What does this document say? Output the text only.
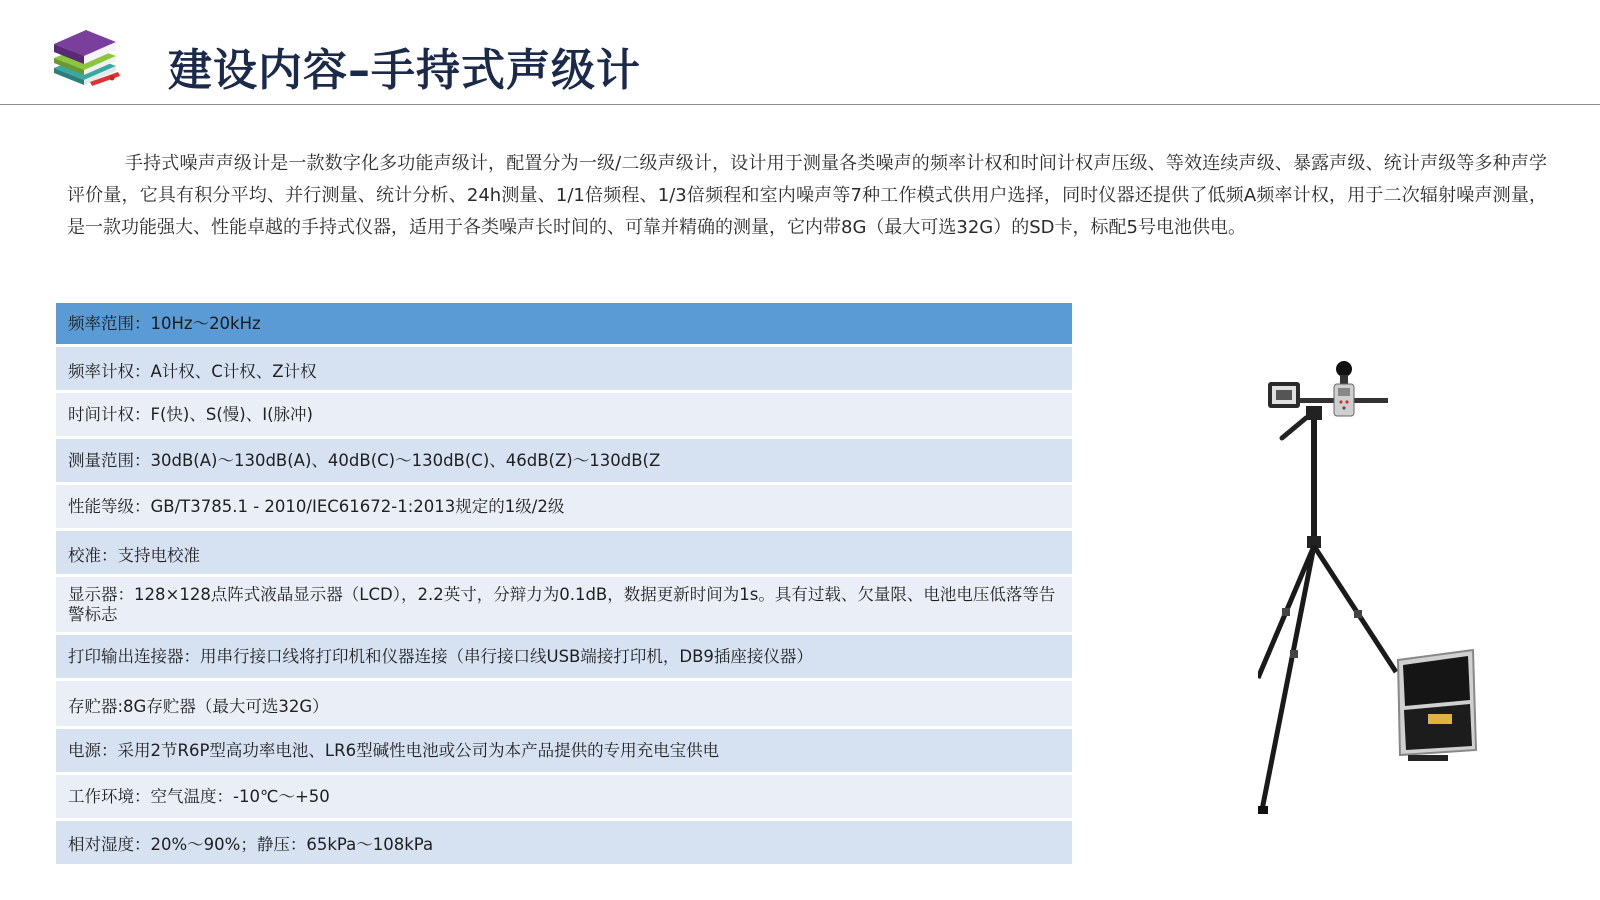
建设内容–手持式声级计

手持式噪声声级计是一款数字化多功能声级计，配置分为一级/二级声级计，设计用于测量各类噪声的频率计权和时间计权声压级、等效连续声级、暴露声级、统计声级等多种声学评价量，它具有积分平均、并行测量、统计分析、24h测量、1/1倍频程、1/3倍频程和室内噪声等7种工作模式供用户选择，同时仪器还提供了低频A频率计权，用于二次辐射噪声测量，是一款功能强大、性能卓越的手持式仪器，适用于各类噪声长时间的、可靠并精确的测量，它内带8G（最大可选32G）的SD卡，标配5号电池供电。

频率范围：10Hz～20kHz
频率计权：A计权、C计权、Z计权
时间计权：F(快)、S(慢)、I(脉冲)
测量范围：30dB(A)～130dB(A)、40dB(C)～130dB(C)、46dB(Z)～130dB(Z
性能等级：GB/T3785.1 - 2010/IEC61672-1:2013规定的1级/2级
校准：支持电校准
显示器：128×128点阵式液晶显示器（LCD），2.2英寸，分辩力为0.1dB，数据更新时间为1s。具有过载、欠量限、电池电压低落等告警标志
打印输出连接器：用串行接口线将打印机和仪器连接（串行接口线USB端接打印机，DB9插座接仪器）
存贮器:8G存贮器（最大可选32G）
电源：采用2节R6P型高功率电池、LR6型碱性电池或公司为本产品提供的专用充电宝供电
工作环境：空气温度：-10℃～+50
相对湿度：20%～90%；静压：65kPa～108kPa
